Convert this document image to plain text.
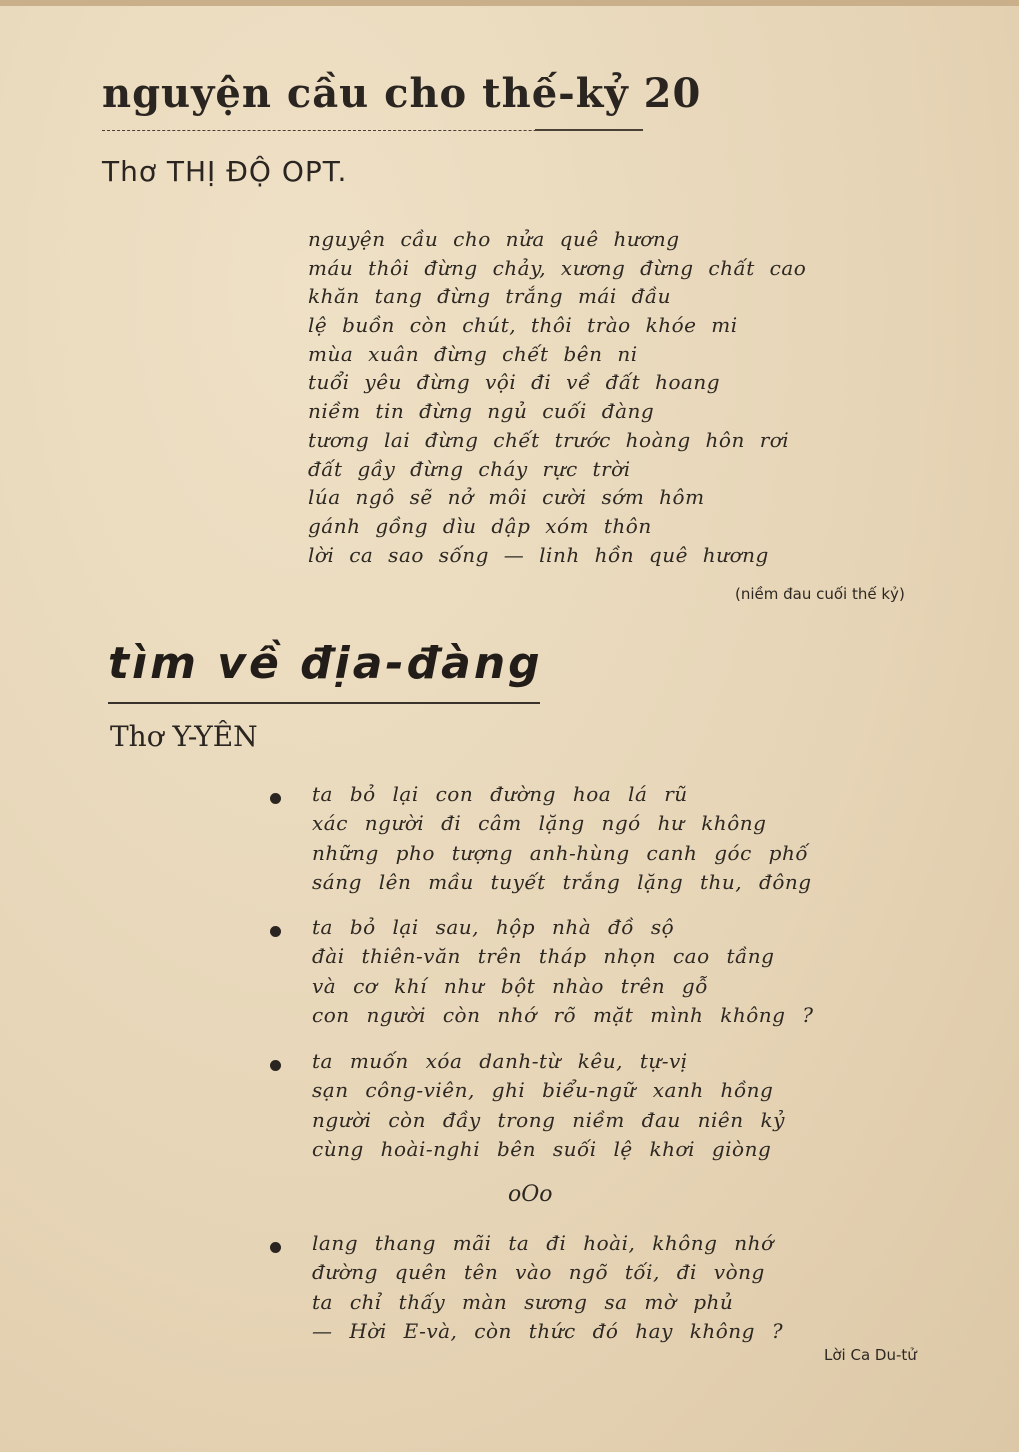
nguyện cầu cho thế-kỷ 20
Thơ THỊ ĐỘ OPT.
nguyện cầu cho nửa quê hương
máu thôi đừng chảy, xương đừng chất cao
khăn tang đừng trắng mái đầu
lệ buồn còn chút, thôi trào khóe mi
mùa xuân đừng chết bên ni
tuổi yêu đừng vội đi về đất hoang
niềm tin đừng ngủ cuối đàng
tương lai đừng chết trước hoàng hôn rơi
đất gầy đừng cháy rực trời
lúa ngô sẽ nở môi cười sớm hôm
gánh gồng dìu dập xóm thôn
lời ca sao sống — linh hồn quê hương
(niềm đau cuối thế kỷ)
tìm về địa-đàng
Thơ Y-YÊN
ta bỏ lại con đường hoa lá rũ
xác người đi câm lặng ngó hư không
những pho tượng anh-hùng canh góc phố
sáng lên mầu tuyết trắng lặng thu, đông
ta bỏ lại sau, hộp nhà đồ sộ
đài thiên-văn trên tháp nhọn cao tầng
và cơ khí như bột nhào trên gỗ
con người còn nhớ rõ mặt mình không ?
ta muốn xóa danh-từ kêu, tự-vị
sạn công-viên, ghi biểu-ngữ xanh hồng
người còn đầy trong niềm đau niên kỷ
cùng hoài-nghi bên suối lệ khơi giòng
oOo
lang thang mãi ta đi hoài, không nhớ
đường quên tên vào ngõ tối, đi vòng
ta chỉ thấy màn sương sa mờ phủ
— Hời E-và, còn thức đó hay không ?
Lời Ca Du-tử
